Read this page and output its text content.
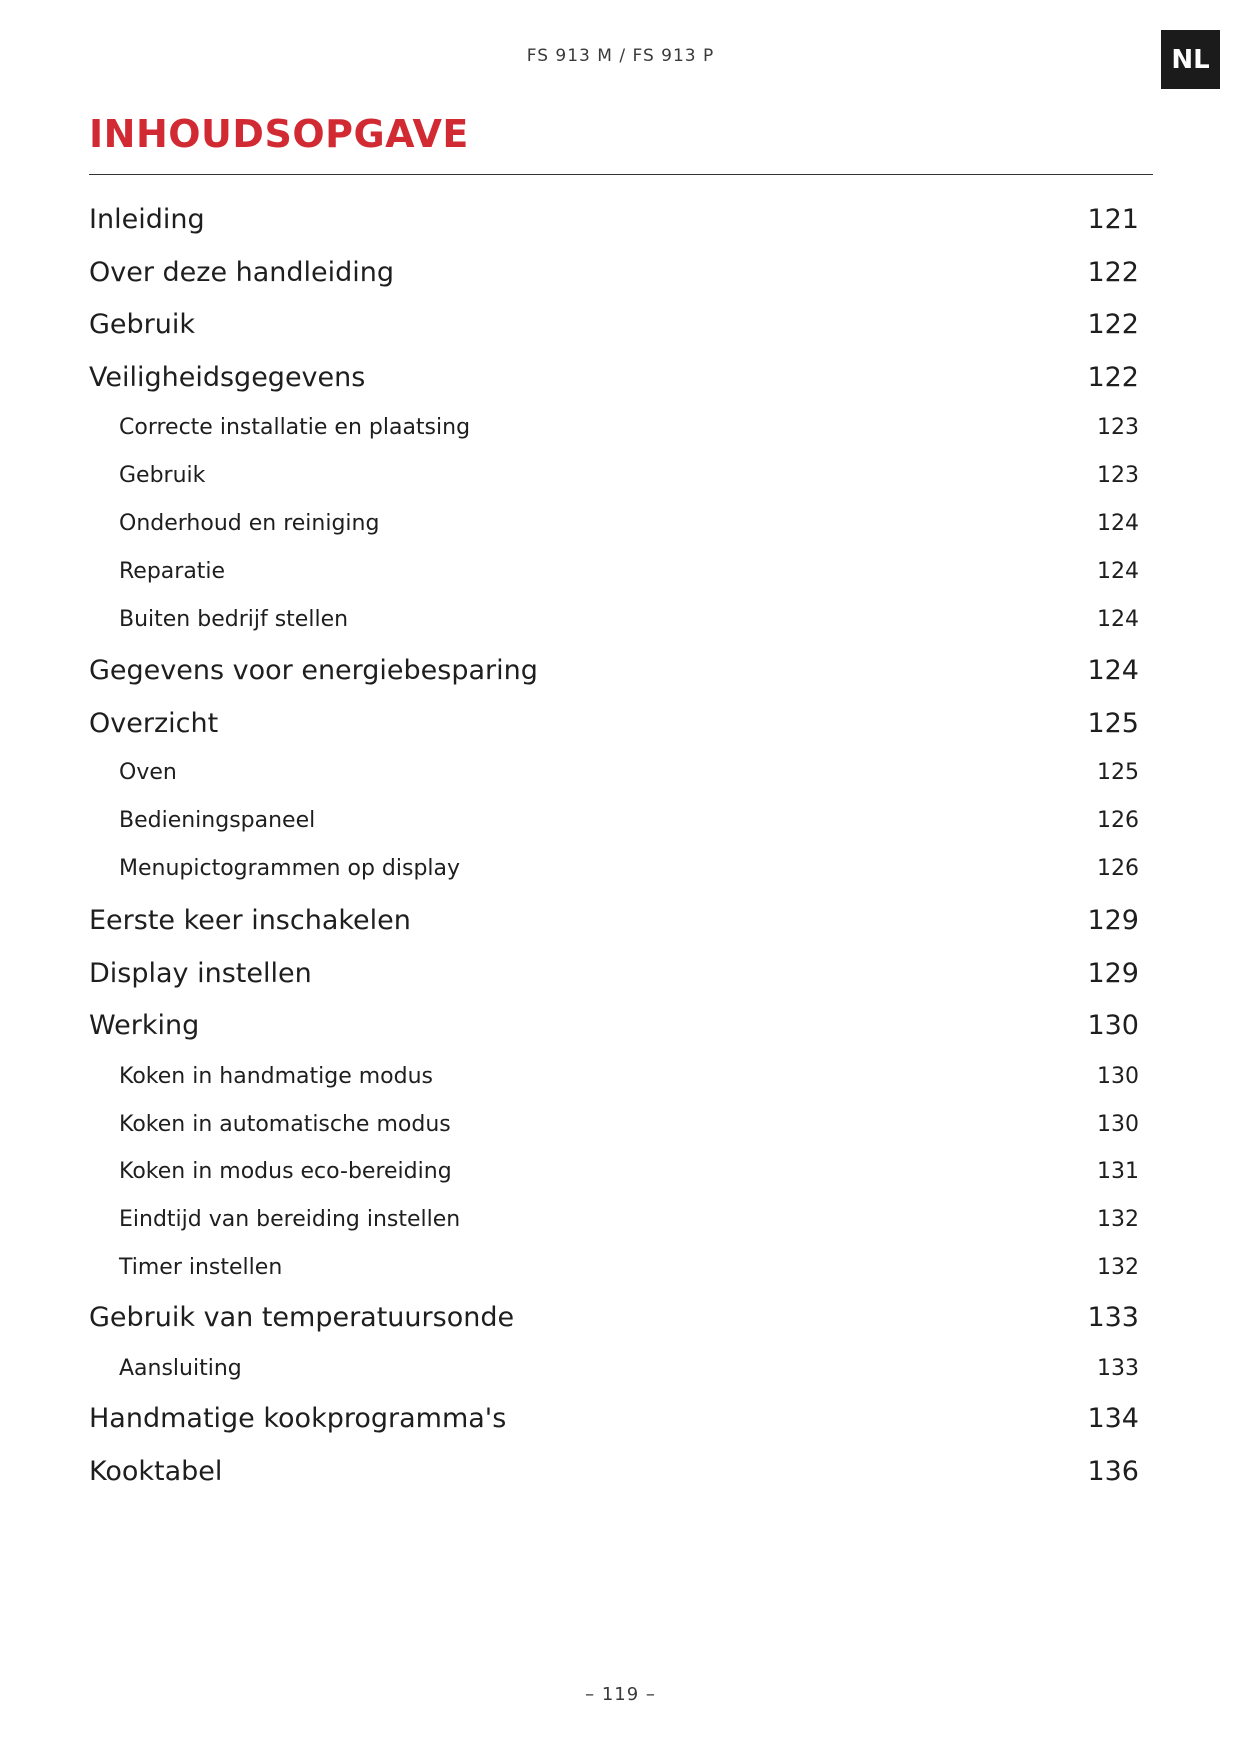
FS 913 M / FS 913 P	NL
INHOUDSOPGAVE
Inleiding	121
Over deze handleiding	122
Gebruik	122
Veiligheidsgegevens	122
Correcte installatie en plaatsing	123
Gebruik	123
Onderhoud en reiniging	124
Reparatie	124
Buiten bedrijf stellen	124
Gegevens voor energiebesparing	124
Overzicht	125
Oven	125
Bedieningspaneel	126
Menupictogrammen op display	126
Eerste keer inschakelen	129
Display instellen	129
Werking	130
Koken in handmatige modus	130
Koken in automatische modus	130
Koken in modus eco-bereiding	131
Eindtijd van bereiding instellen	132
Timer instellen	132
Gebruik van temperatuursonde	133
Aansluiting	133
Handmatige kookprogramma's	134
Kooktabel	136
– 119 –
